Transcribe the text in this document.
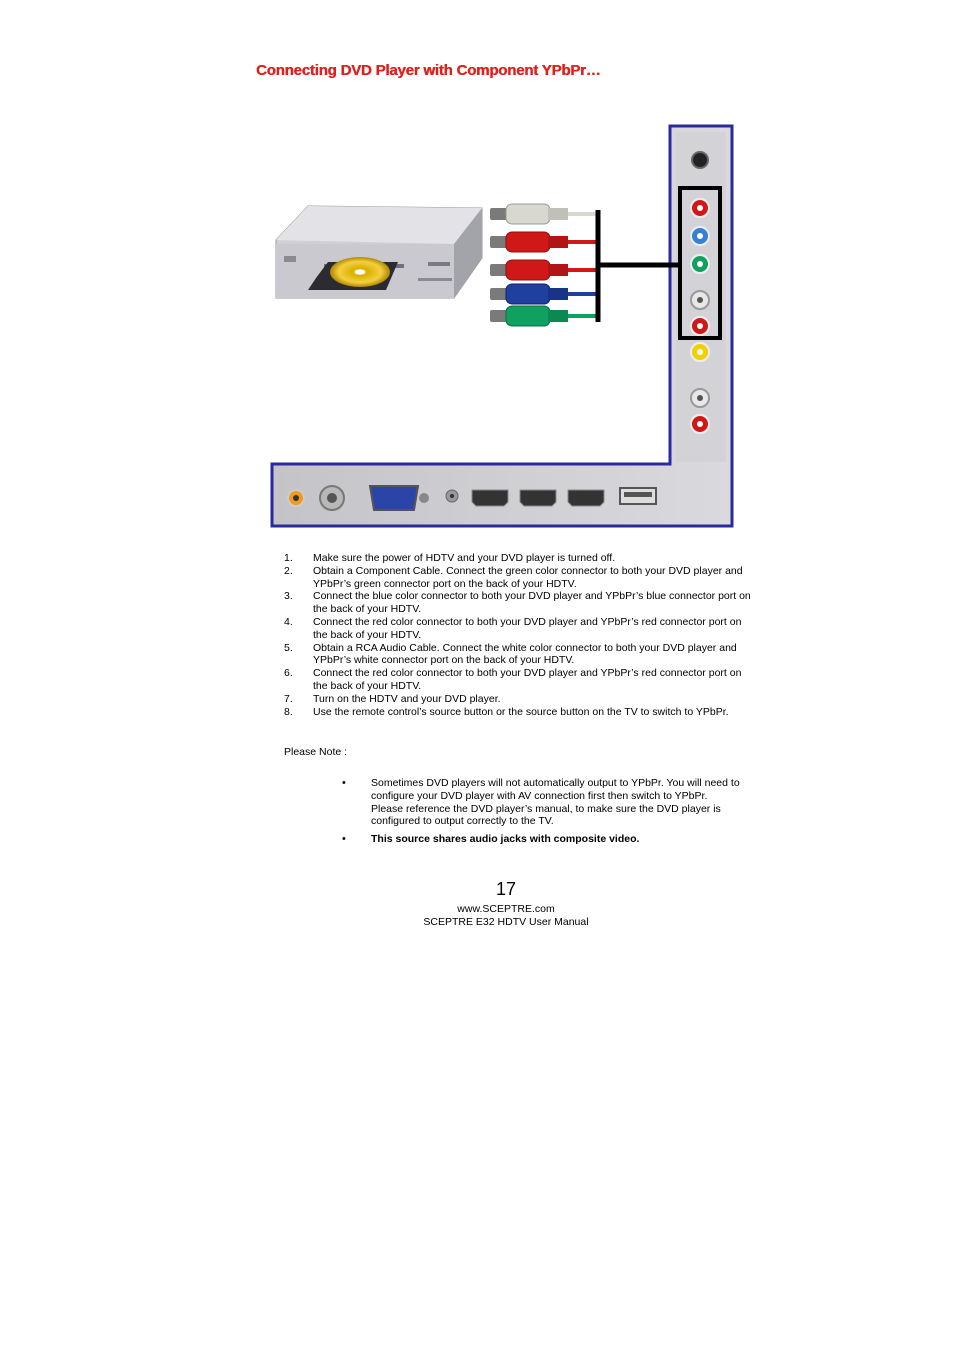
Connecting DVD Player with Component YPbPr…
1. Make sure the power of HDTV and your DVD player is turned off.
2. Obtain a Component Cable. Connect the green color connector to both your DVD player and YPbPr’s green connector port on the back of your HDTV.
3. Connect the blue color connector to both your DVD player and YPbPr’s blue connector port on the back of your HDTV.
4. Connect the red color connector to both your DVD player and YPbPr’s red connector port on the back of your HDTV.
5. Obtain a RCA Audio Cable. Connect the white color connector to both your DVD player and YPbPr’s white connector port on the back of your HDTV.
6. Connect the red color connector to both your DVD player and YPbPr’s red connector port on the back of your HDTV.
7. Turn on the HDTV and your DVD player.
8. Use the remote control’s source button or the source button on the TV to switch to YPbPr.
Please Note :
• Sometimes DVD players will not automatically output to YPbPr. You will need to configure your DVD player with AV connection first then switch to YPbPr. Please reference the DVD player’s manual, to make sure the DVD player is configured to output correctly to the TV.
• This source shares audio jacks with composite video.
17
www.SCEPTRE.com
SCEPTRE E32 HDTV User Manual
